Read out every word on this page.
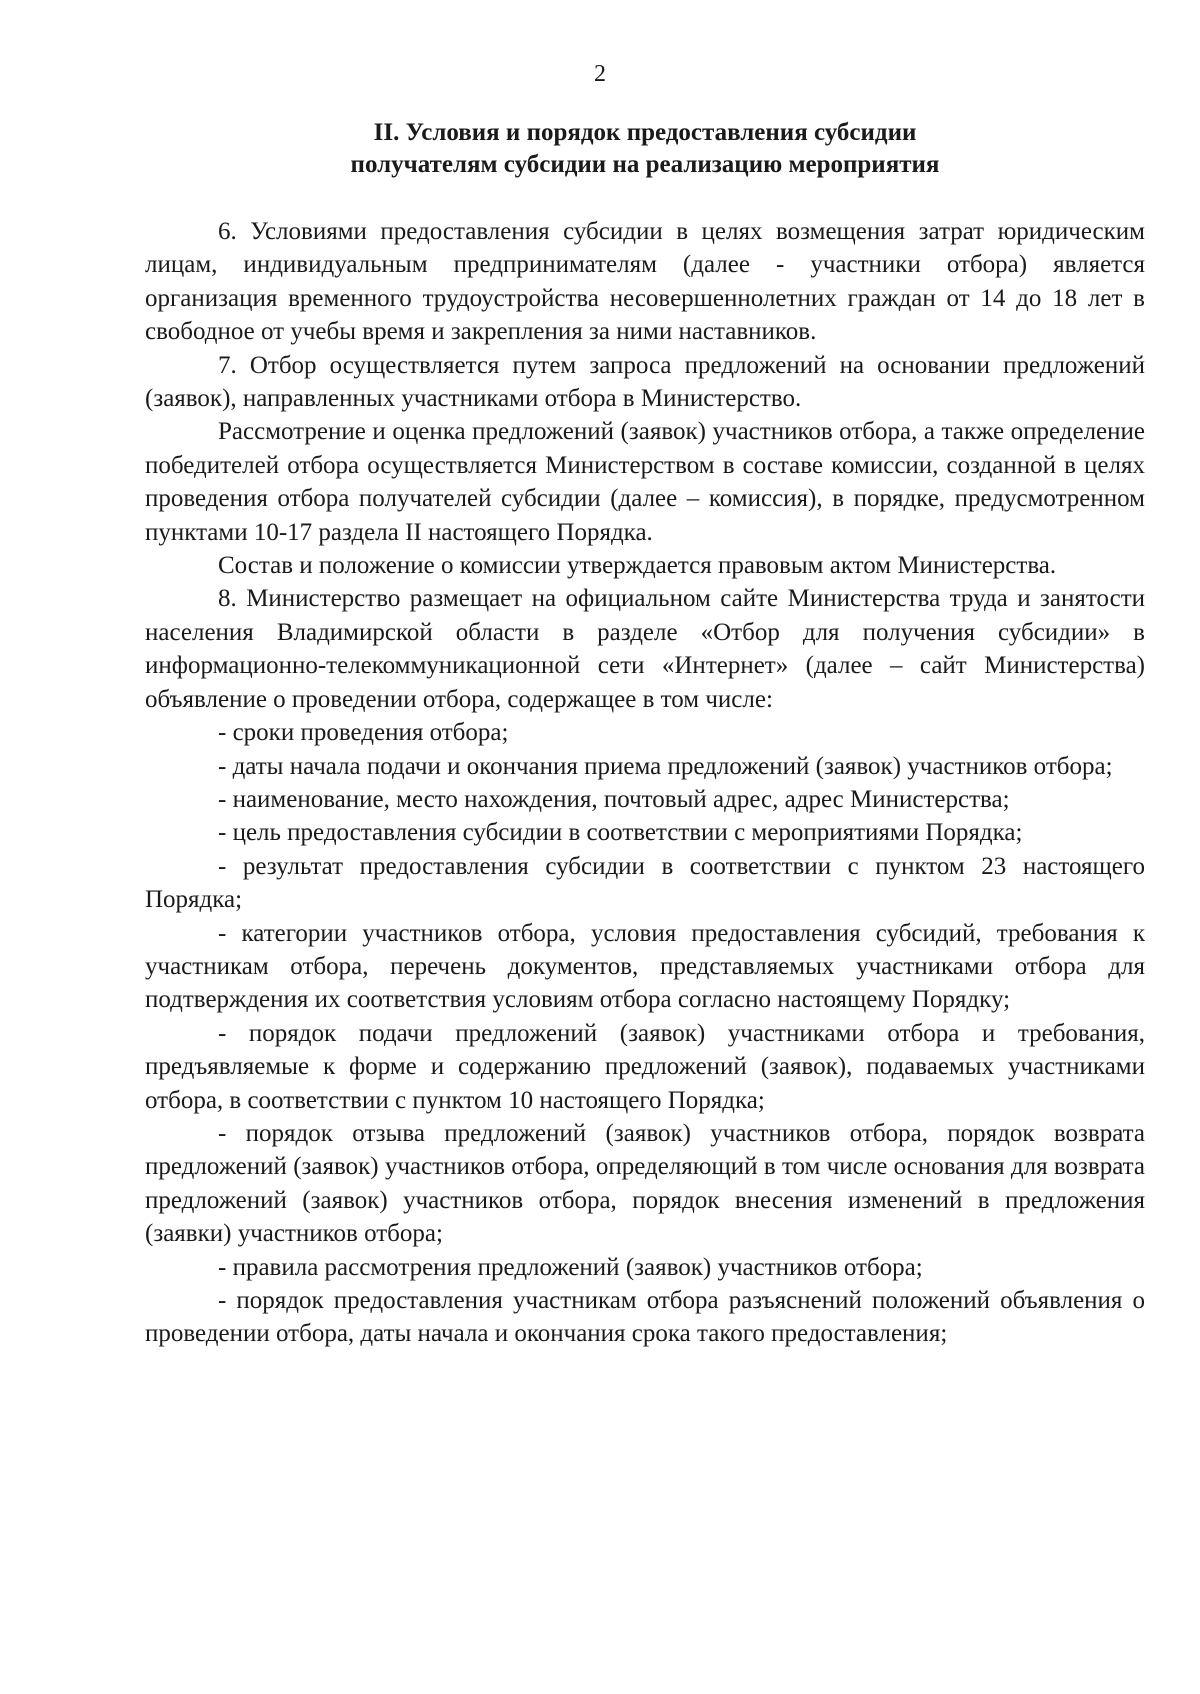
2
II. Условия и порядок предоставления субсидии
получателям субсидии на реализацию мероприятия

6. Условиями предоставления субсидии в целях возмещения затрат юридическим лицам, индивидуальным предпринимателям (далее - участники отбора) является организация временного трудоустройства несовершеннолетних граждан от 14 до 18 лет в свободное от учебы время и закрепления за ними наставников.

7. Отбор осуществляется путем запроса предложений на основании предложений (заявок), направленных участниками отбора в Министерство.

Рассмотрение и оценка предложений (заявок) участников отбора, а также определение победителей отбора осуществляется Министерством в составе комиссии, созданной в целях проведения отбора получателей субсидии (далее – комиссия), в порядке, предусмотренном пунктами 10-17 раздела II настоящего Порядка.

Состав и положение о комиссии утверждается правовым актом Министерства.

8. Министерство размещает на официальном сайте Министерства труда и занятости населения Владимирской области в разделе «Отбор для получения субсидии» в информационно-телекоммуникационной сети «Интернет» (далее – сайт Министерства) объявление о проведении отбора, содержащее в том числе:

- сроки проведения отбора;

- даты начала подачи и окончания приема предложений (заявок) участников отбора;

- наименование, место нахождения, почтовый адрес, адрес Министерства;

- цель предоставления субсидии в соответствии с мероприятиями Порядка;

- результат предоставления субсидии в соответствии с пунктом 23 настоящего Порядка;

- категории участников отбора, условия предоставления субсидий, требования к участникам отбора, перечень документов, представляемых участниками отбора для подтверждения их соответствия условиям отбора согласно настоящему Порядку;

- порядок подачи предложений (заявок) участниками отбора и требования, предъявляемые к форме и содержанию предложений (заявок), подаваемых участниками отбора, в соответствии с пунктом 10 настоящего Порядка;

- порядок отзыва предложений (заявок) участников отбора, порядок возврата предложений (заявок) участников отбора, определяющий в том числе основания для возврата предложений (заявок) участников отбора, порядок внесения изменений в предложения (заявки) участников отбора;

- правила рассмотрения предложений (заявок) участников отбора;

- порядок предоставления участникам отбора разъяснений положений объявления о проведении отбора, даты начала и окончания срока такого предоставления;
